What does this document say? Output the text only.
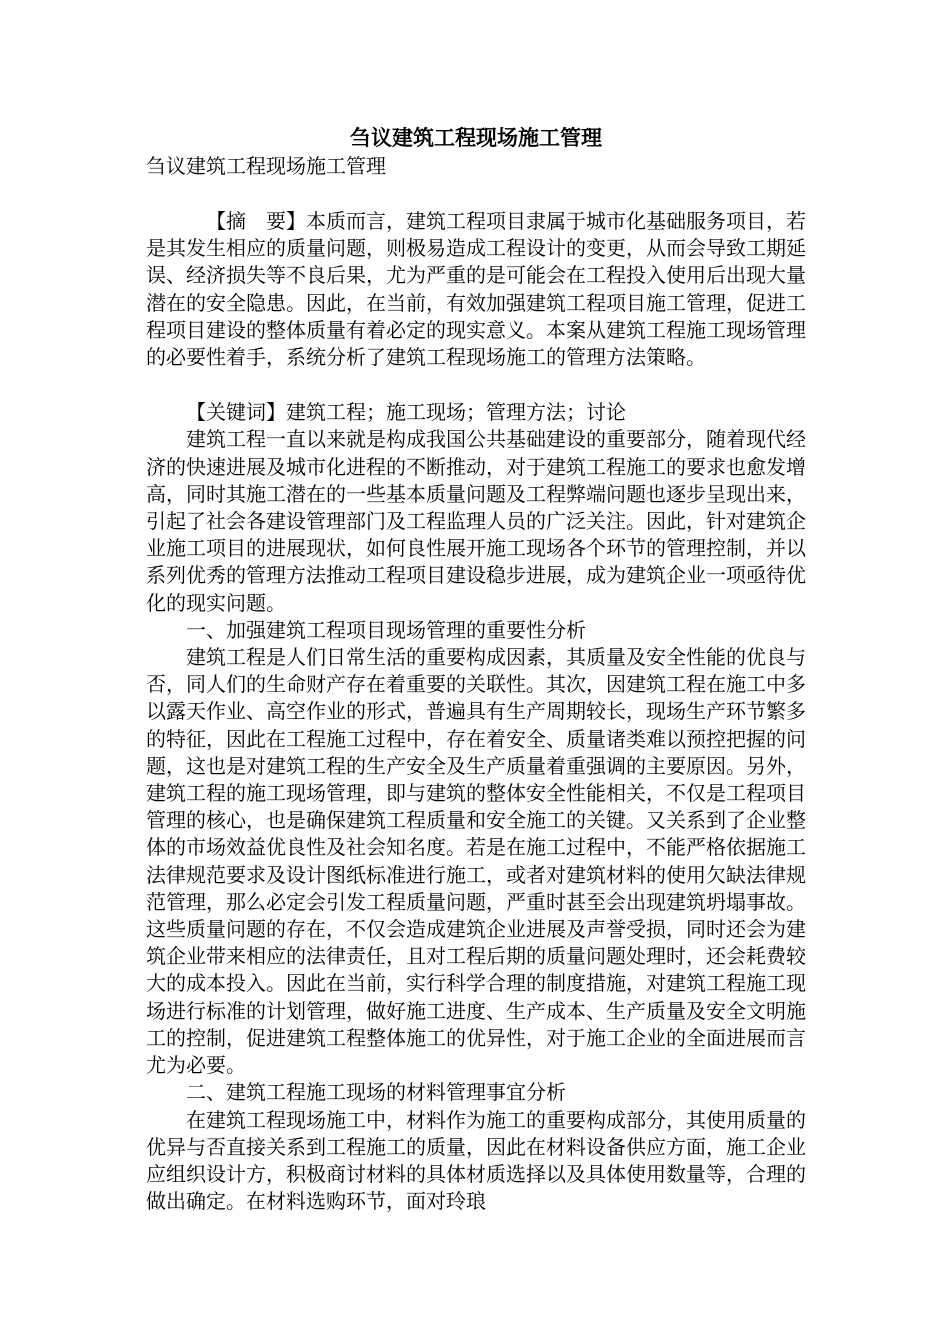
刍议建筑工程现场施工管理

刍议建筑工程现场施工管理

【摘　要】本质而言，建筑工程项目隶属于城市化基础服务项目，若是其发生相应的质量问题，则极易造成工程设计的变更，从而会导致工期延误、经济损失等不良后果，尤为严重的是可能会在工程投入使用后出现大量潜在的安全隐患。因此，在当前，有效加强建筑工程项目施工管理，促进工程项目建设的整体质量有着必定的现实意义。本案从建筑工程施工现场管理的必要性着手，系统分析了建筑工程现场施工的管理方法策略。

【关键词】建筑工程；施工现场；管理方法；讨论

建筑工程一直以来就是构成我国公共基础建设的重要部分，随着现代经济的快速进展及城市化进程的不断推动，对于建筑工程施工的要求也愈发增高，同时其施工潜在的一些基本质量问题及工程弊端问题也逐步呈现出来，引起了社会各建设管理部门及工程监理人员的广泛关注。因此，针对建筑企业施工项目的进展现状，如何良性展开施工现场各个环节的管理控制，并以系列优秀的管理方法推动工程项目建设稳步进展，成为建筑企业一项亟待优化的现实问题。

一、加强建筑工程项目现场管理的重要性分析

建筑工程是人们日常生活的重要构成因素，其质量及安全性能的优良与否，同人们的生命财产存在着重要的关联性。其次，因建筑工程在施工中多以露天作业、高空作业的形式，普遍具有生产周期较长，现场生产环节繁多的特征，因此在工程施工过程中，存在着安全、质量诸类难以预控把握的问题，这也是对建筑工程的生产安全及生产质量着重强调的主要原因。另外，建筑工程的施工现场管理，即与建筑的整体安全性能相关，不仅是工程项目管理的核心，也是确保建筑工程质量和安全施工的关键。又关系到了企业整体的市场效益优良性及社会知名度。若是在施工过程中，不能严格依据施工法律规范要求及设计图纸标准进行施工，或者对建筑材料的使用欠缺法律规范管理，那么必定会引发工程质量问题，严重时甚至会出现建筑坍塌事故。这些质量问题的存在，不仅会造成建筑企业进展及声誉受损，同时还会为建筑企业带来相应的法律责任，且对工程后期的质量问题处理时，还会耗费较大的成本投入。因此在当前，实行科学合理的制度措施，对建筑工程施工现场进行标准的计划管理，做好施工进度、生产成本、生产质量及安全文明施工的控制，促进建筑工程整体施工的优异性，对于施工企业的全面进展而言尤为必要。

二、建筑工程施工现场的材料管理事宜分析

在建筑工程现场施工中，材料作为施工的重要构成部分，其使用质量的优异与否直接关系到工程施工的质量，因此在材料设备供应方面，施工企业应组织设计方，积极商讨材料的具体材质选择以及具体使用数量等，合理的做出确定。在材料选购环节，面对玲琅
